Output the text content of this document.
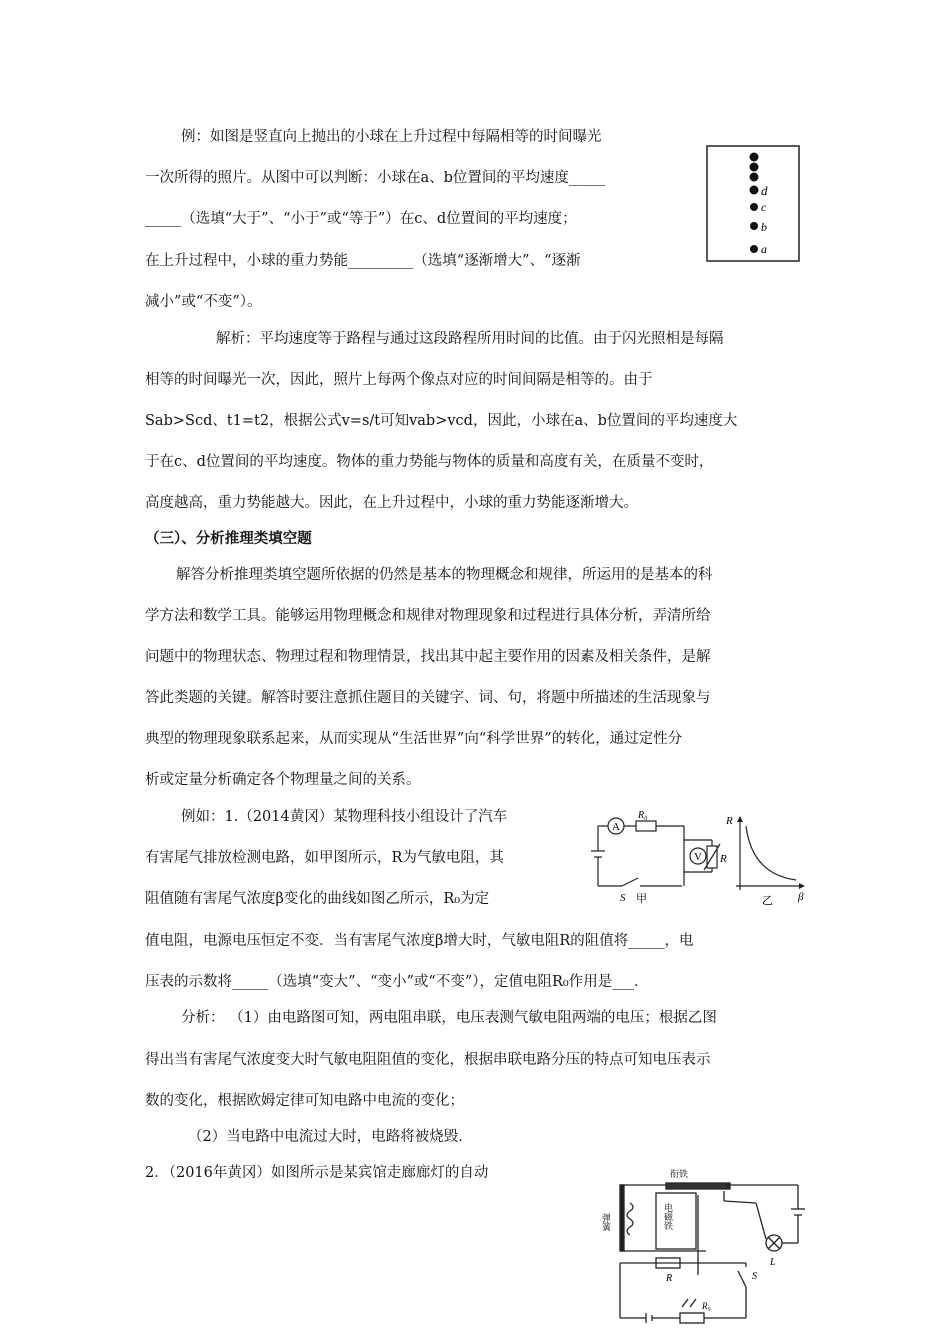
例：如图是竖直向上抛出的小球在上升过程中每隔相等的时间曝光
一次所得的照片。从图中可以判断：小球在a、b位置间的平均速度_____
_____（选填“大于”、“小于”或“等于”）在c、d位置间的平均速度；
在上升过程中，小球的重力势能_________（选填“逐渐增大”、“逐渐
减小”或“不变”）。
d
c
b
a
解析：平均速度等于路程与通过这段路程所用时间的比值。由于闪光照相是每隔
相等的时间曝光一次，因此，照片上每两个像点对应的时间间隔是相等的。由于
Sab>Scd、t1=t2，根据公式v=s/t可知vab>vcd，因此，小球在a、b位置间的平均速度大
于在c、d位置间的平均速度。物体的重力势能与物体的质量和高度有关，在质量不变时，
高度越高，重力势能越大。因此，在上升过程中，小球的重力势能逐渐增大。
（三）、分析推理类填空题
解答分析推理类填空题所依据的仍然是基本的物理概念和规律，所运用的是基本的科
学方法和数学工具。能够运用物理概念和规律对物理现象和过程进行具体分析，弄清所给
问题中的物理状态、物理过程和物理情景，找出其中起主要作用的因素及相关条件，是解
答此类题的关键。解答时要注意抓住题目的关键字、词、句，将题中所描述的生活现象与
典型的物理现象联系起来，从而实现从“生活世界”向“科学世界”的转化，通过定性分
析或定量分析确定各个物理量之间的关系。
例如：1.（2014黄冈）某物理科技小组设计了汽车
有害尾气排放检测电路，如甲图所示，R为气敏电阻，其
阻值随有害尾气浓度β变化的曲线如图乙所示，R₀为定
值电阻，电源电压恒定不变．当有害尾气浓度β增大时，气敏电阻R的阻值将_____，电
压表的示数将_____（选填“变大”、“变小”或“不变”），定值电阻R₀作用是___．
A
V
R₀
R
S 甲	乙
R
β
分析： （1）由电路图可知，两电阻串联，电压表测气敏电阻两端的电压；根据乙图
得出当有害尾气浓度变大时气敏电阻阻值的变化，根据串联电路分压的特点可知电压表示
数的变化，根据欧姆定律可知电路中电流的变化；
（2）当电路中电流过大时，电路将被烧毁．
2．（2016年黄冈）如图所示是某宾馆走廊廊灯的自动	衔铁
弹簧	电磁铁
R
R₀
S
L
